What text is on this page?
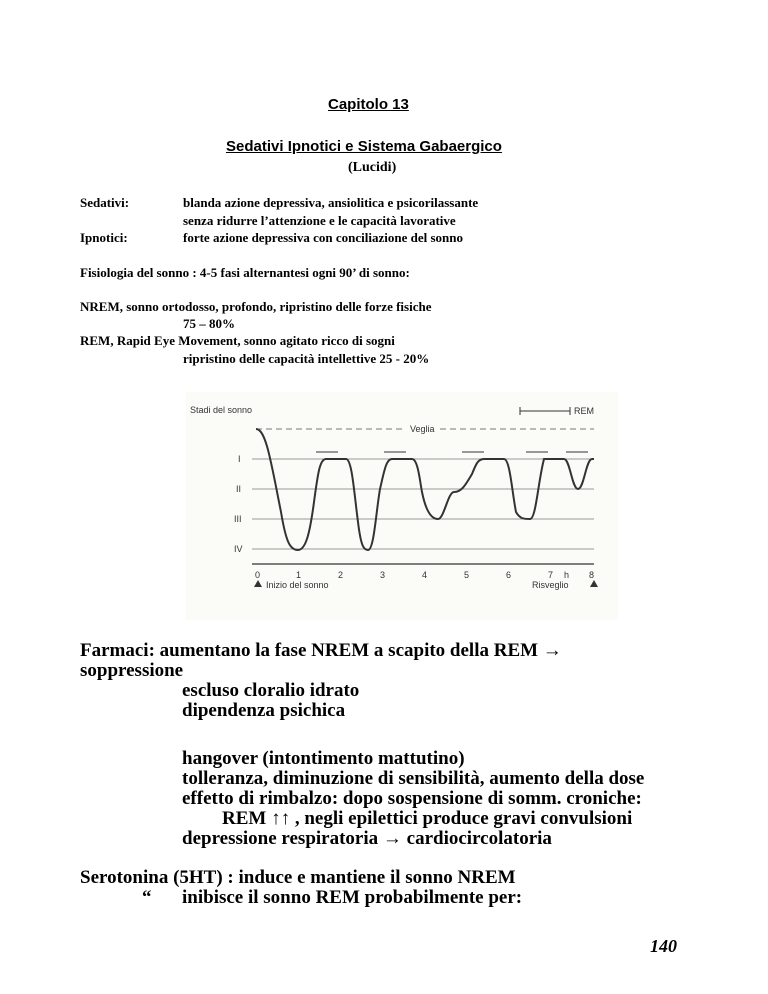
Capitolo 13
Sedativi Ipnotici e Sistema Gabaergico
(Lucidi)
Sedativi:	blanda azione depressiva, ansiolitica e psicorilassante
senza ridurre l’attenzione e le capacità lavorative
Ipnotici:	forte azione depressiva con conciliazione del sonno
Fisiologia del sonno : 4-5 fasi alternantesi ogni 90’ di sonno:
NREM, sonno ortodosso, profondo, ripristino delle forze fisiche
75 – 80%
REM, Rapid Eye Movement, sonno agitato ricco di sogni
ripristino delle capacità intellettive 25 - 20%
Stadi del sonno	REM
Veglia
I
II
III
IV
0	1	2	3	4	5	6	7 h 8
Inizio del sonno	Risveglio
Farmaci: aumentano la fase NREM a scapito della REM →
soppressione
escluso cloralio idrato
dipendenza psichica
hangover (intontimento mattutino)
tolleranza, diminuzione di sensibilità, aumento della dose
effetto di rimbalzo: dopo sospensione di somm. croniche:
REM ↑↑ , negli epilettici produce gravi convulsioni
depressione respiratoria → cardiocircolatoria
Serotonina (5HT) : induce e mantiene il sonno NREM
“ inibisce il sonno REM probabilmente per:
140
